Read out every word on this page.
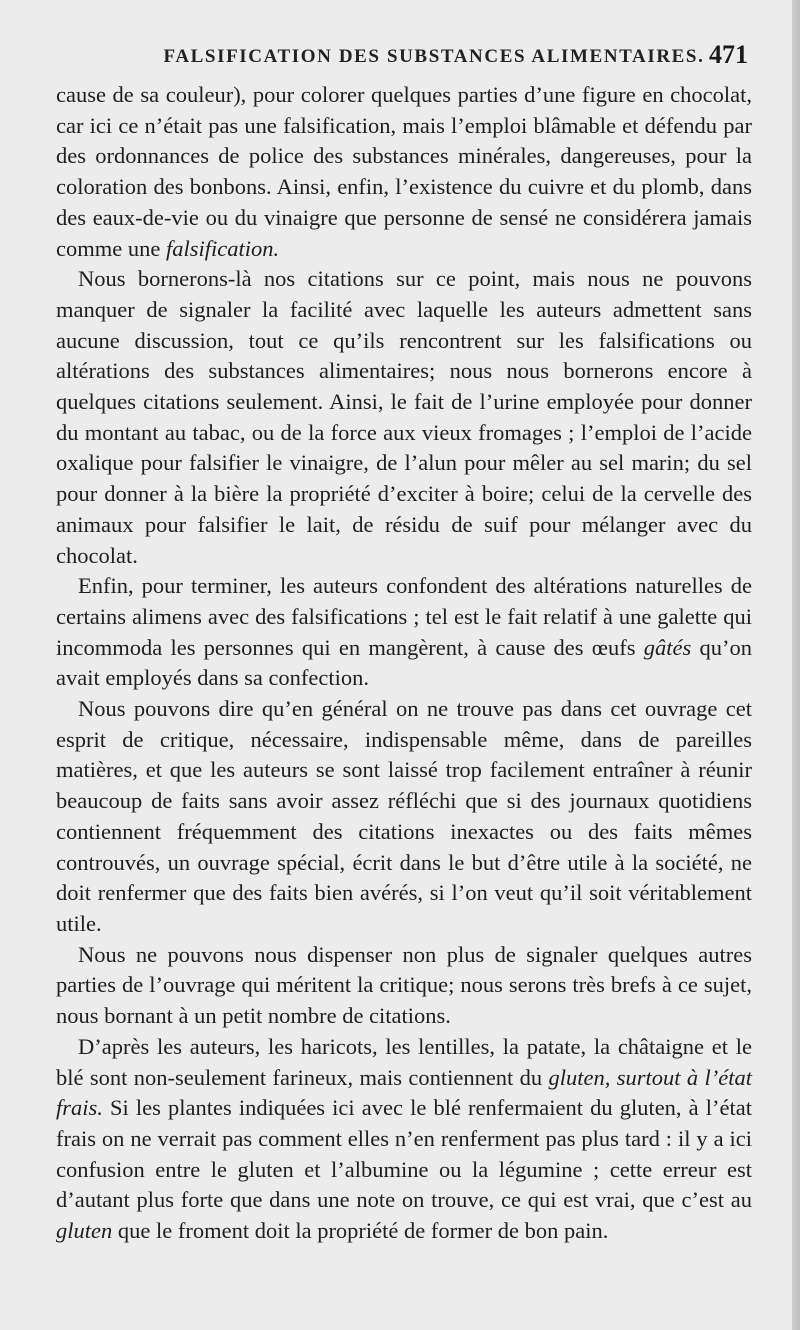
FALSIFICATION DES SUBSTANCES ALIMENTAIRES. 471

cause de sa couleur), pour colorer quelques parties d’une figure en chocolat, car ici ce n’était pas une falsification, mais l’emploi blâmable et défendu par des ordonnances de police des substances minérales, dangereuses, pour la coloration des bonbons. Ainsi, enfin, l’existence du cuivre et du plomb, dans des eaux-de-vie ou du vinaigre que personne de sensé ne considérera jamais comme une falsification.

Nous bornerons-là nos citations sur ce point, mais nous ne pouvons manquer de signaler la facilité avec laquelle les auteurs admettent sans aucune discussion, tout ce qu’ils rencontrent sur les falsifications ou altérations des substances alimentaires; nous nous bornerons encore à quelques citations seulement. Ainsi, le fait de l’urine employée pour donner du montant au tabac, ou de la force aux vieux fromages ; l’emploi de l’acide oxalique pour falsifier le vinaigre, de l’alun pour mêler au sel marin; du sel pour donner à la bière la propriété d’exciter à boire; celui de la cervelle des animaux pour falsifier le lait, de résidu de suif pour mélanger avec du chocolat.

Enfin, pour terminer, les auteurs confondent des altérations naturelles de certains alimens avec des falsifications ; tel est le fait relatif à une galette qui incommoda les personnes qui en mangèrent, à cause des œufs gâtés qu’on avait employés dans sa confection.

Nous pouvons dire qu’en général on ne trouve pas dans cet ouvrage cet esprit de critique, nécessaire, indispensable même, dans de pareilles matières, et que les auteurs se sont laissé trop facilement entraîner à réunir beaucoup de faits sans avoir assez réfléchi que si des journaux quotidiens contiennent fréquemment des citations inexactes ou des faits mêmes controuvés, un ouvrage spécial, écrit dans le but d’être utile à la société, ne doit renfermer que des faits bien avérés, si l’on veut qu’il soit véritablement utile.

Nous ne pouvons nous dispenser non plus de signaler quelques autres parties de l’ouvrage qui méritent la critique; nous serons très brefs à ce sujet, nous bornant à un petit nombre de citations.

D’après les auteurs, les haricots, les lentilles, la patate, la châtaigne et le blé sont non-seulement farineux, mais contiennent du gluten, surtout à l’état frais. Si les plantes indiquées ici avec le blé renfermaient du gluten, à l’état frais on ne verrait pas comment elles n’en renferment pas plus tard : il y a ici confusion entre le gluten et l’albumine ou la légumine ; cette erreur est d’autant plus forte que dans une note on trouve, ce qui est vrai, que c’est au gluten que le froment doit la propriété de former de bon pain.
